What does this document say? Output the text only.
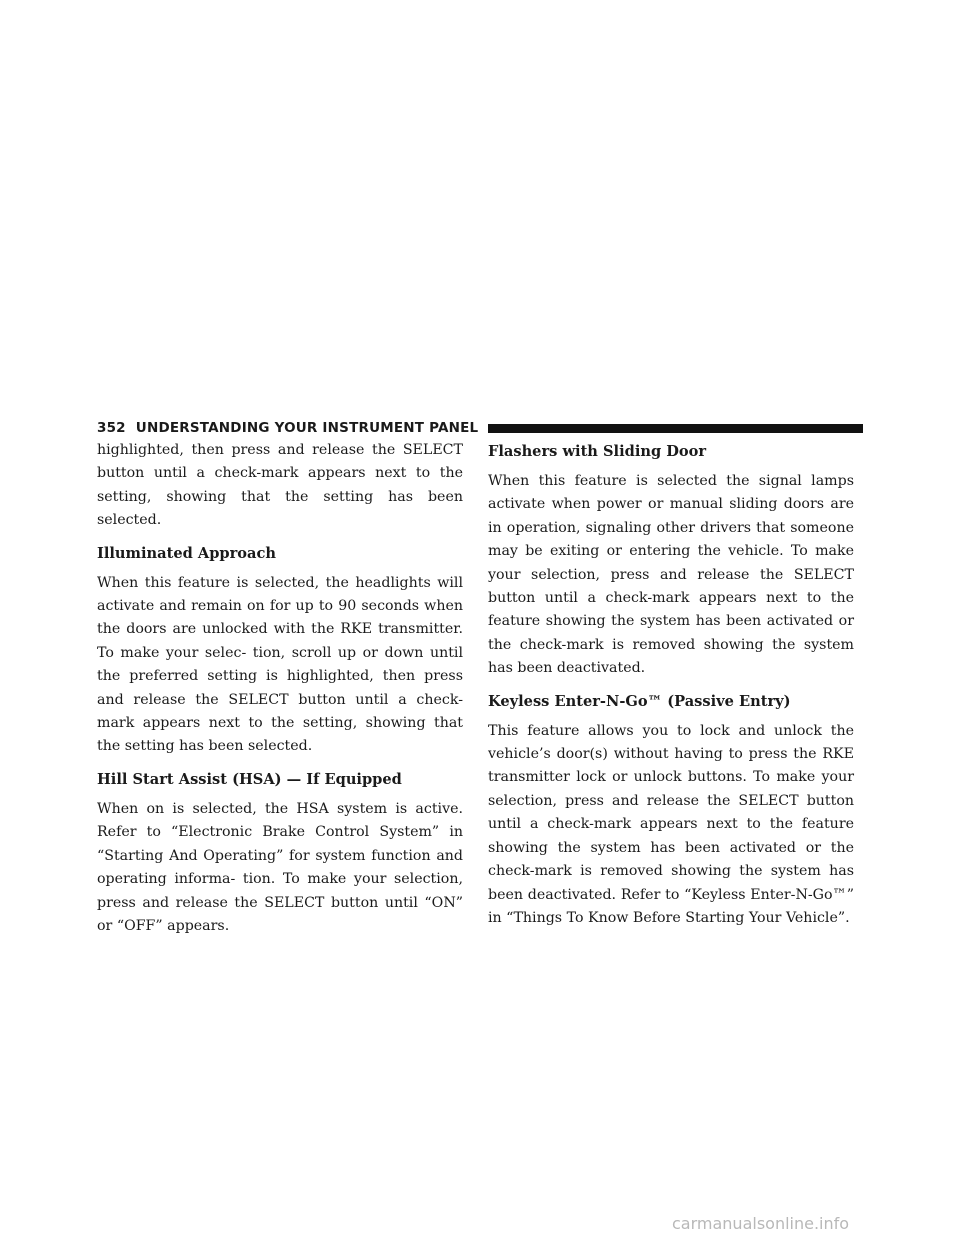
352 UNDERSTANDING YOUR INSTRUMENT PANEL

highlighted, then press and release the SELECT button until a check-mark appears next to the setting, showing that the setting has been selected.

Illuminated Approach

When this feature is selected, the headlights will activate and remain on for up to 90 seconds when the doors are unlocked with the RKE transmitter. To make your selec- tion, scroll up or down until the preferred setting is highlighted, then press and release the SELECT button until a check-mark appears next to the setting, showing that the setting has been selected.

Hill Start Assist (HSA) — If Equipped

When on is selected, the HSA system is active. Refer to “Electronic Brake Control System” in “Starting And Operating” for system function and operating informa- tion. To make your selection, press and release the SELECT button until “ON” or “OFF” appears.

Flashers with Sliding Door

When this feature is selected the signal lamps activate when power or manual sliding doors are in operation, signaling other drivers that someone may be exiting or entering the vehicle. To make your selection, press and release the SELECT button until a check-mark appears next to the feature showing the system has been activated or the check-mark is removed showing the system has been deactivated.

Keyless Enter-N-Go™ (Passive Entry)

This feature allows you to lock and unlock the vehicle’s door(s) without having to press the RKE transmitter lock or unlock buttons. To make your selection, press and release the SELECT button until a check-mark appears next to the feature showing the system has been activated or the check-mark is removed showing the system has been deactivated. Refer to “Keyless Enter-N-Go™” in “Things To Know Before Starting Your Vehicle”.

carmanualsonline.info
